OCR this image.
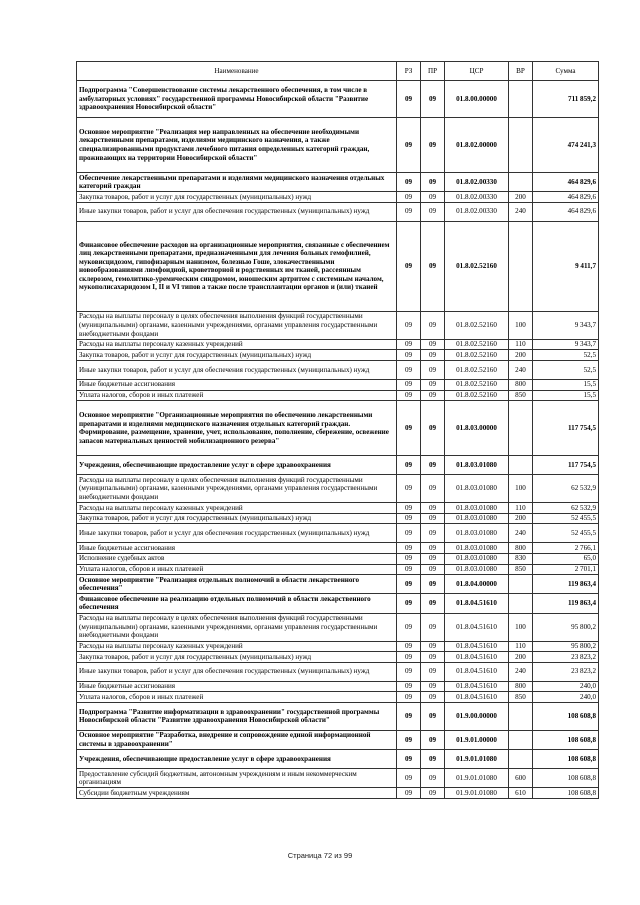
Наименование	РЗ	ПР	ЦСР	ВР	Сумма
Подпрограмма "Совершенствование системы лекарственного обеспечения, в том числе в амбулаторных условиях" государственной программы Новосибирской области "Развитие здравоохранения Новосибирской области"	09	09	01.8.00.00000		711 859,2
Основное мероприятие "Реализация мер направленных на обеспечение необходимыми лекарственными препаратами, изделиями медицинского назначения, а также специализированными продуктами лечебного питания определенных категорий граждан, проживающих на территории Новосибирской области"	09	09	01.8.02.00000		474 241,3
Обеспечение лекарственными препаратами и изделиями медицинского назначения отдельных категорий граждан	09	09	01.8.02.00330		464 829,6
Закупка товаров, работ и услуг для государственных (муниципальных) нужд	09	09	01.8.02.00330	200	464 829,6
Иные закупки товаров, работ и услуг для обеспечения государственных (муниципальных) нужд	09	09	01.8.02.00330	240	464 829,6
Финансовое обеспечение расходов на организационные мероприятия, связанные с обеспечением лиц лекарственными препаратами, предназначенными для лечения больных гемофилией, муковисцидозом, гипофизарным нанизмом, болезнью Гоше, злокачественными новообразованиями лимфоидной, кроветворной и родственных им тканей, рассеянным склерозом, гемолитико-уремическим синдромом, юношеским артритом с системным началом, мукополисахаридозом I, II и VI типов а также после трансплантации органов и (или) тканей	09	09	01.8.02.52160		9 411,7
Расходы на выплаты персоналу в целях обеспечения выполнения функций государственными (муниципальными) органами, казенными учреждениями, органами управления государственными внебюджетными фондами	09	09	01.8.02.52160	100	9 343,7
Расходы на выплаты персоналу казенных учреждений	09	09	01.8.02.52160	110	9 343,7
Закупка товаров, работ и услуг для государственных (муниципальных) нужд	09	09	01.8.02.52160	200	52,5
Иные закупки товаров, работ и услуг для обеспечения государственных (муниципальных) нужд	09	09	01.8.02.52160	240	52,5
Иные бюджетные ассигнования	09	09	01.8.02.52160	800	15,5
Уплата налогов, сборов и иных платежей	09	09	01.8.02.52160	850	15,5
Основное мероприятие "Организационные мероприятия по обеспечению лекарственными препаратами и изделиями медицинского назначения отдельных категорий граждан. Формирование, размещение, хранение, учет, использование, пополнение, сбережение, освежение запасов материальных ценностей мобилизационного резерва"	09	09	01.8.03.00000		117 754,5
Учреждения, обеспечивающие предоставление услуг в сфере здравоохранения	09	09	01.8.03.01080		117 754,5
Расходы на выплаты персоналу в целях обеспечения выполнения функций государственными (муниципальными) органами, казенными учреждениями, органами управления государственными внебюджетными фондами	09	09	01.8.03.01080	100	62 532,9
Расходы на выплаты персоналу казенных учреждений	09	09	01.8.03.01080	110	62 532,9
Закупка товаров, работ и услуг для государственных (муниципальных) нужд	09	09	01.8.03.01080	200	52 455,5
Иные закупки товаров, работ и услуг для обеспечения государственных (муниципальных) нужд	09	09	01.8.03.01080	240	52 455,5
Иные бюджетные ассигнования	09	09	01.8.03.01080	800	2 766,1
Исполнение судебных актов	09	09	01.8.03.01080	830	65,0
Уплата налогов, сборов и иных платежей	09	09	01.8.03.01080	850	2 701,1
Основное мероприятие "Реализация отдельных полномочий в области лекарственного обеспечения"	09	09	01.8.04.00000		119 863,4
Финансовое обеспечение на реализацию отдельных полномочий в области лекарственного обеспечения	09	09	01.8.04.51610		119 863,4
Расходы на выплаты персоналу в целях обеспечения выполнения функций государственными (муниципальными) органами, казенными учреждениями, органами управления государственными внебюджетными фондами	09	09	01.8.04.51610	100	95 800,2
Расходы на выплаты персоналу казенных учреждений	09	09	01.8.04.51610	110	95 800,2
Закупка товаров, работ и услуг для государственных (муниципальных) нужд	09	09	01.8.04.51610	200	23 823,2
Иные закупки товаров, работ и услуг для обеспечения государственных (муниципальных) нужд	09	09	01.8.04.51610	240	23 823,2
Иные бюджетные ассигнования	09	09	01.8.04.51610	800	240,0
Уплата налогов, сборов и иных платежей	09	09	01.8.04.51610	850	240,0
Подпрограмма "Развитие информатизации в здравоохранении" государственной программы Новосибирской области "Развитие здравоохранения Новосибирской области"	09	09	01.9.00.00000		108 608,8
Основное мероприятие "Разработка, внедрение и сопровождение единой информационной системы в здравоохранении"	09	09	01.9.01.00000		108 608,8
Учреждения, обеспечивающие предоставление услуг в сфере здравоохранения	09	09	01.9.01.01080		108 608,8
Предоставление субсидий бюджетным, автономным учреждениям и иным некоммерческим организациям	09	09	01.9.01.01080	600	108 608,8
Субсидии бюджетным учреждениям	09	09	01.9.01.01080	610	108 608,8
Страница 72 из 99
